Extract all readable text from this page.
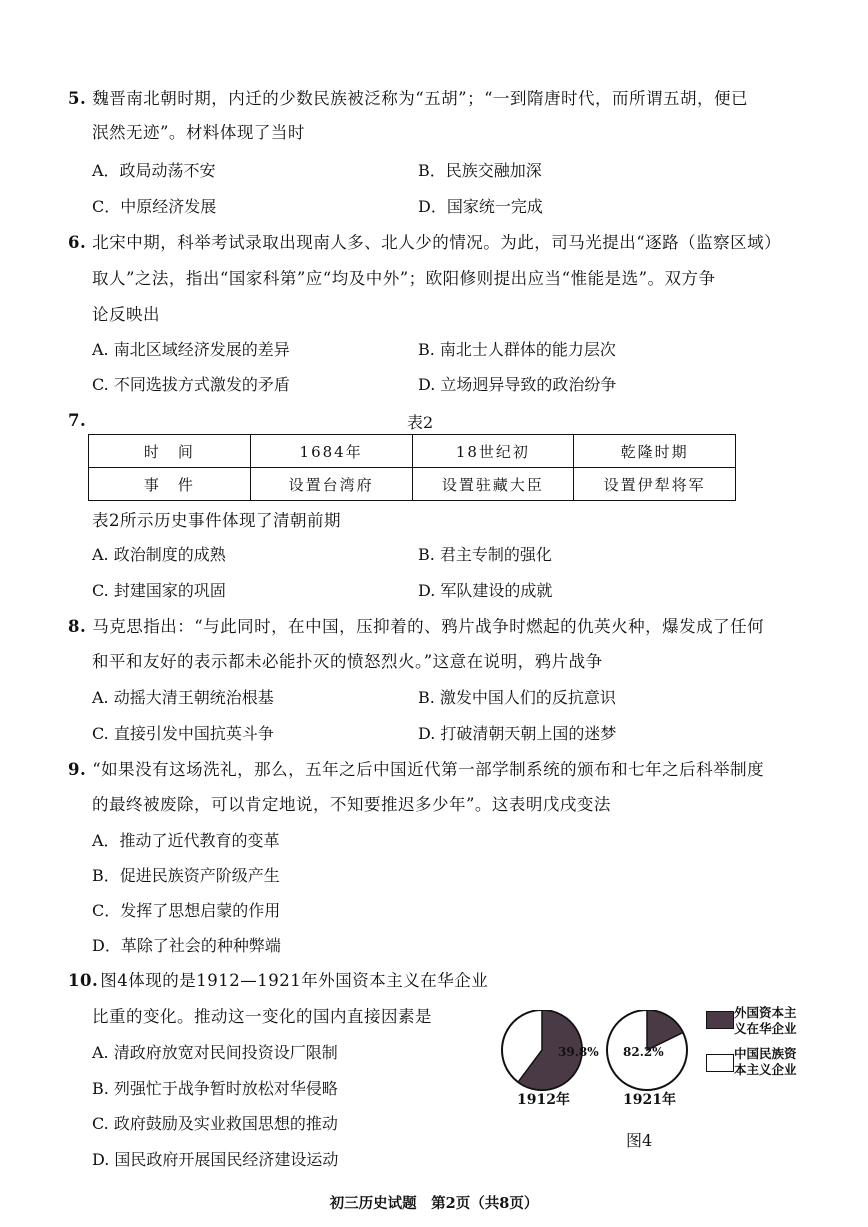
5. 魏晋南北朝时期，内迁的少数民族被泛称为“五胡”；“一到隋唐时代，而所谓五胡，便已
泯然无迹”。材料体现了当时
A．政局动荡不安	B．民族交融加深
C．中原经济发展	D．国家统一完成
6. 北宋中期，科举考试录取出现南人多、北人少的情况。为此，司马光提出“逐路（监察区域）
取人”之法，指出“国家科第”应“均及中外”；欧阳修则提出应当“惟能是选”。双方争
论反映出
A. 南北区域经济发展的差异	B. 南北士人群体的能力层次
C. 不同选拔方式激发的矛盾	D. 立场迥异导致的政治纷争
7.	表2
时　间	1684年	18世纪初	乾隆时期
事　件	设置台湾府	设置驻藏大臣	设置伊犁将军
表2所示历史事件体现了清朝前期
A. 政治制度的成熟	B. 君主专制的强化
C. 封建国家的巩固	D. 军队建设的成就
8. 马克思指出：“与此同时，在中国，压抑着的、鸦片战争时燃起的仇英火种，爆发成了任何
和平和友好的表示都未必能扑灭的愤怒烈火。”这意在说明，鸦片战争
A. 动摇大清王朝统治根基	B. 激发中国人们的反抗意识
C. 直接引发中国抗英斗争	D. 打破清朝天朝上国的迷梦
9. “如果没有这场洗礼，那么，五年之后中国近代第一部学制系统的颁布和七年之后科举制度
的最终被废除，可以肯定地说，不知要推迟多少年”。这表明戊戌变法
A．推动了近代教育的变革
B．促进民族资产阶级产生
C．发挥了思想启蒙的作用
D．革除了社会的种种弊端
10. 图4体现的是1912—1921年外国资本主义在华企业
比重的变化。推动这一变化的国内直接因素是
A. 清政府放宽对民间投资设厂限制
B. 列强忙于战争暂时放松对华侵略
C. 政府鼓励及实业救国思想的推动
D. 国民政府开展国民经济建设运动
39.8% 82.2%
1912年	1921年
图4
外国资本主
义在华企业
中国民族资
本主义企业
初三历史试题　第2页（共8页）
